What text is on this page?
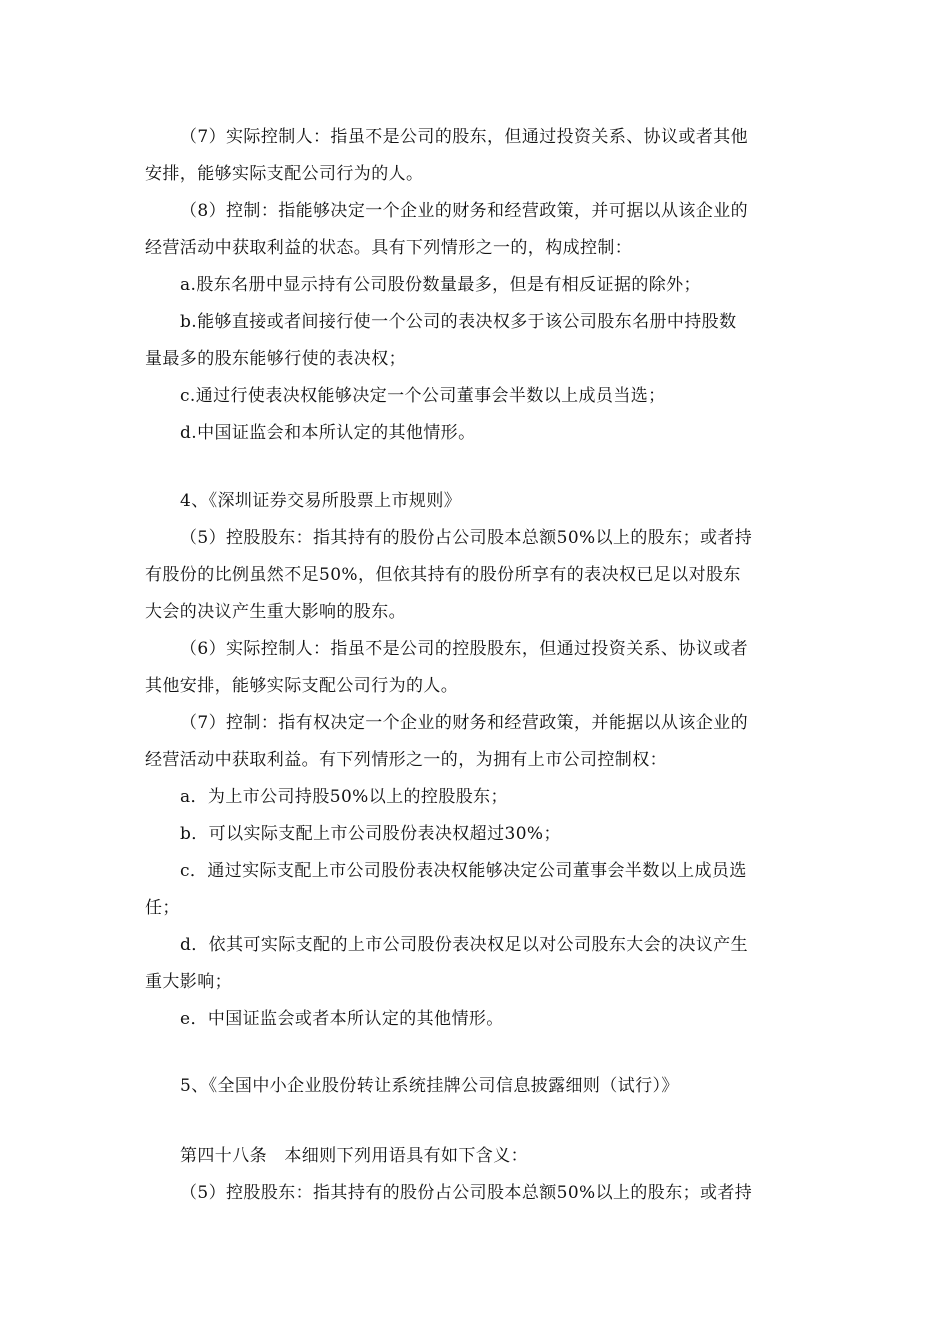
（7）实际控制人：指虽不是公司的股东，但通过投资关系、协议或者其他
安排，能够实际支配公司行为的人。
（8）控制：指能够决定一个企业的财务和经营政策，并可据以从该企业的
经营活动中获取利益的状态。具有下列情形之一的，构成控制：
a.股东名册中显示持有公司股份数量最多，但是有相反证据的除外；
b.能够直接或者间接行使一个公司的表决权多于该公司股东名册中持股数
量最多的股东能够行使的表决权；
c.通过行使表决权能够决定一个公司董事会半数以上成员当选；
d.中国证监会和本所认定的其他情形。
4、《深圳证券交易所股票上市规则》
（5）控股股东：指其持有的股份占公司股本总额50%以上的股东；或者持
有股份的比例虽然不足50%，但依其持有的股份所享有的表决权已足以对股东
大会的决议产生重大影响的股东。
（6）实际控制人：指虽不是公司的控股股东，但通过投资关系、协议或者
其他安排，能够实际支配公司行为的人。
（7）控制：指有权决定一个企业的财务和经营政策，并能据以从该企业的
经营活动中获取利益。有下列情形之一的，为拥有上市公司控制权：
a．为上市公司持股50%以上的控股股东；
b．可以实际支配上市公司股份表决权超过30%；
c．通过实际支配上市公司股份表决权能够决定公司董事会半数以上成员选
任；
d．依其可实际支配的上市公司股份表决权足以对公司股东大会的决议产生
重大影响；
e．中国证监会或者本所认定的其他情形。
5、《全国中小企业股份转让系统挂牌公司信息披露细则（试行）》
第四十八条　本细则下列用语具有如下含义：
（5）控股股东：指其持有的股份占公司股本总额50%以上的股东；或者持
